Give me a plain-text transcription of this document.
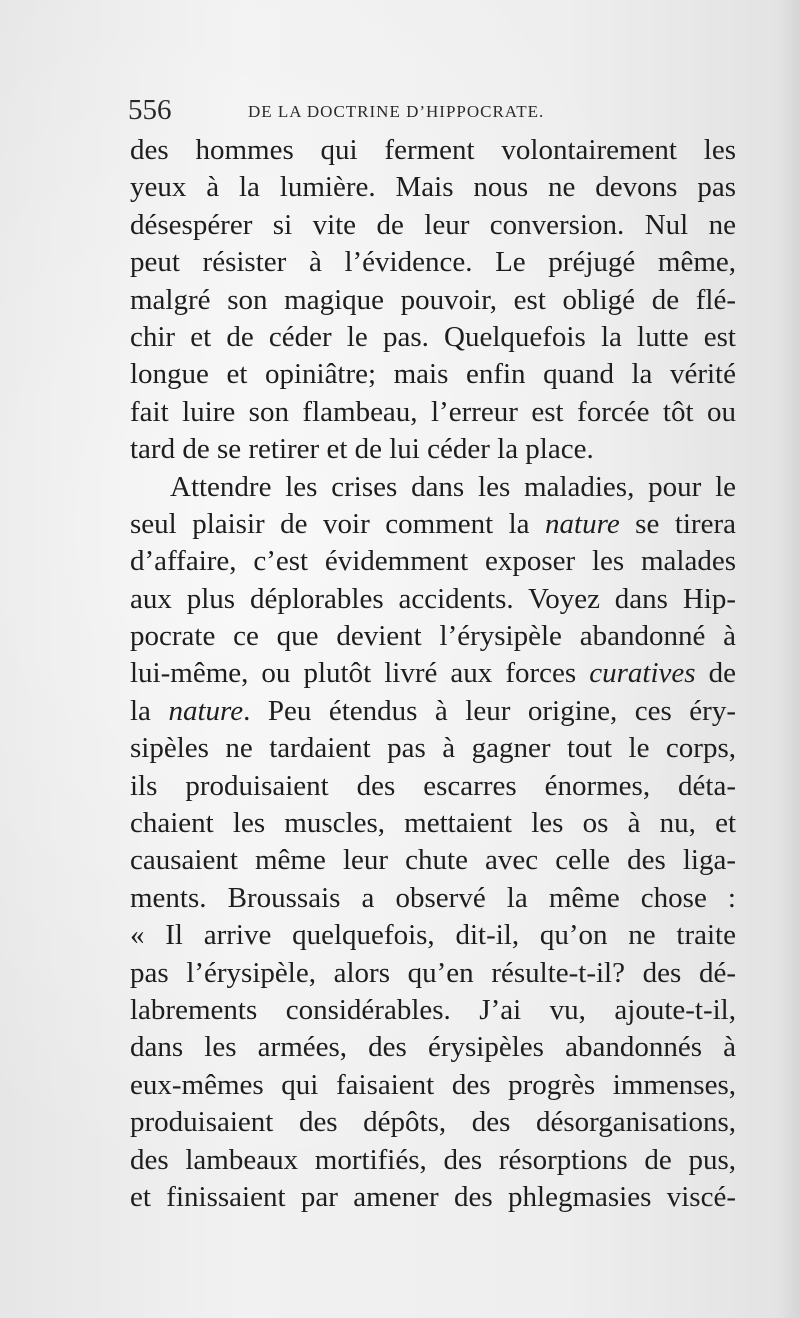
556	DE LA DOCTRINE D’HIPPOCRATE.
des hommes qui ferment volontairement les
yeux à la lumière. Mais nous ne devons pas
désespérer si vite de leur conversion. Nul ne
peut résister à l’évidence. Le préjugé même,
malgré son magique pouvoir, est obligé de flé-
chir et de céder le pas. Quelquefois la lutte est
longue et opiniâtre; mais enfin quand la vérité
fait luire son flambeau, l’erreur est forcée tôt ou
tard de se retirer et de lui céder la place.
Attendre les crises dans les maladies, pour le
seul plaisir de voir comment la nature se tirera
d’affaire, c’est évidemment exposer les malades
aux plus déplorables accidents. Voyez dans Hip-
pocrate ce que devient l’érysipèle abandonné à
lui-même, ou plutôt livré aux forces curatives de
la nature. Peu étendus à leur origine, ces éry-
sipèles ne tardaient pas à gagner tout le corps,
ils produisaient des escarres énormes, déta-
chaient les muscles, mettaient les os à nu, et
causaient même leur chute avec celle des liga-
ments. Broussais a observé la même chose :
« Il arrive quelquefois, dit-il, qu’on ne traite
pas l’érysipèle, alors qu’en résulte-t-il? des dé-
labrements considérables. J’ai vu, ajoute-t-il,
dans les armées, des érysipèles abandonnés à
eux-mêmes qui faisaient des progrès immenses,
produisaient des dépôts, des désorganisations,
des lambeaux mortifiés, des résorptions de pus,
et finissaient par amener des phlegmasies viscé-
